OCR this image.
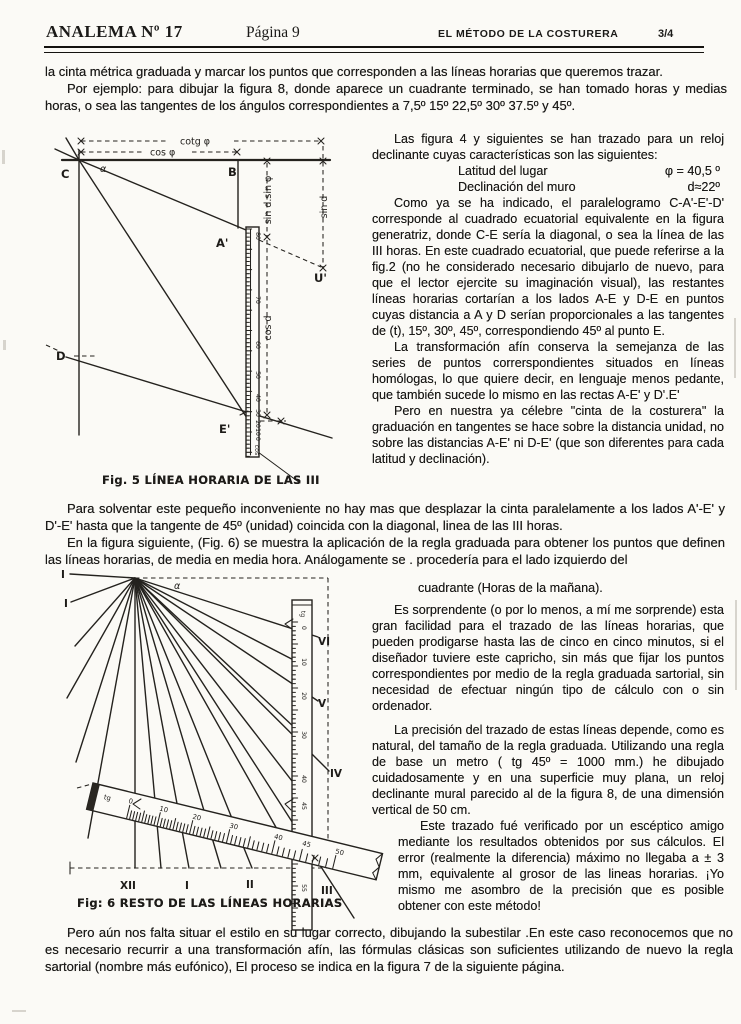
ANALEMA Nº 17	Página 9	EL MÉTODO DE LA COSTURERA	3/4

la cinta métrica graduada y marcar los puntos que corresponden a las líneas horarias que queremos trazar.

Por ejemplo: para dibujar la figura 8, donde aparece un cuadrante terminado, se han tomado horas y medias horas, o sea las tangentes de los ángulos correspondientes a 7,5º 15º 22,5º 30º 37.5º y 45º.

C	B
A'
D
E'
U'
α
cotg φ
cos φ
sin d.sin φ	sin d
cos d
cos
80
70
60
50
40
30
20
10
0
Fig. 5 LÍNEA HORARIA DE LAS III

Las figura 4 y siguientes se han trazado para un reloj declinante cuyas características son las siguientes:

Latitud del lugar	φ = 40,5 º
Declinación del muro	d≈22º

Como ya se ha indicado, el paralelogramo C-A'-E'-D' corresponde al cuadrado ecuatorial equivalente en la figura generatriz, donde C-E sería la diagonal, o sea la línea de las III horas. En este cuadrado ecuatorial, que puede referirse a la fig.2 (no he considerado necesario dibujarlo de nuevo, para que el lector ejercite su imaginación visual), las restantes líneas horarias cortarían a los lados A-E y D-E en puntos cuyas distancia a A y D serían proporcionales a las tangentes de (t), 15º, 30º, 45º, correspondiendo 45º al punto E.

La transformación afín conserva la semejanza de las series de puntos correrspondientes situados en líneas homólogas, lo que quiere decir, en lenguaje menos pedante, que también sucede lo mismo en las rectas A-E' y D'.E'

Pero en nuestra ya célebre "cinta de la costurera" la graduación en tangentes se hace sobre la distancia unidad, no sobre las distancias A-E' ni D-E' (que son diferentes para cada latitud y declinación).

Para solventar este pequeño inconveniente no hay mas que desplazar la cinta paralelamente a los lados A'-E' y D'-E' hasta que la tangente de 45º (unidad) coincida con la diagonal, linea de las III horas.

En la figura siguiente, (Fig. 6) se muestra la aplicación de la regla graduada para obtener los puntos que definen las líneas horarias, de media en media hora. Análogamente se . procedería para el lado izquierdo del

tg
0
10
20
30
40
45
55
tg 0
10
20
30
40
45
50
α
VI
V
IV
XII	I	II	III
I
I
Fig: 6 RESTO DE LAS LÍNEAS HORARIAS

cuadrante (Horas de la mañana).

Es sorprendente (o por lo menos, a mí me sorprende) esta gran facilidad para el trazado de las líneas horarias, que pueden prodigarse hasta las de cinco en cinco minutos, si el diseñador tuviere este capricho, sin más que fijar los puntos correspondientes por medio de la regla graduada sartorial, sin necesidad de efectuar ningún tipo de cálculo con o sin ordenador.

La precisión del trazado de estas líneas depende, como es natural, del tamaño de la regla graduada. Utilizando una regla de base un metro ( tg 45º = 1000 mm.) he dibujado cuidadosamente y en una superficie muy plana, un reloj declinante mural parecido al de la figura 8, de una dimensión vertical de 50 cm.

Este trazado fué verificado por un escéptico amigo mediante los resultados obtenidos por sus cálculos. El error (realmente la diferencia) máximo no llegaba a ± 3 mm, equivalente al grosor de las lineas horarias. ¡Yo mismo me asombro de la precisión que es posible obtener con este método!

Pero aún nos falta situar el estilo en su lugar correcto, dibujando la subestilar .En este caso reconocemos que no es necesario recurrir a una transformación afín, las fórmulas clásicas son suficientes utilizando de nuevo la regla sartorial (nombre más eufónico), El proceso se indica en la figura 7 de la siguiente página.
